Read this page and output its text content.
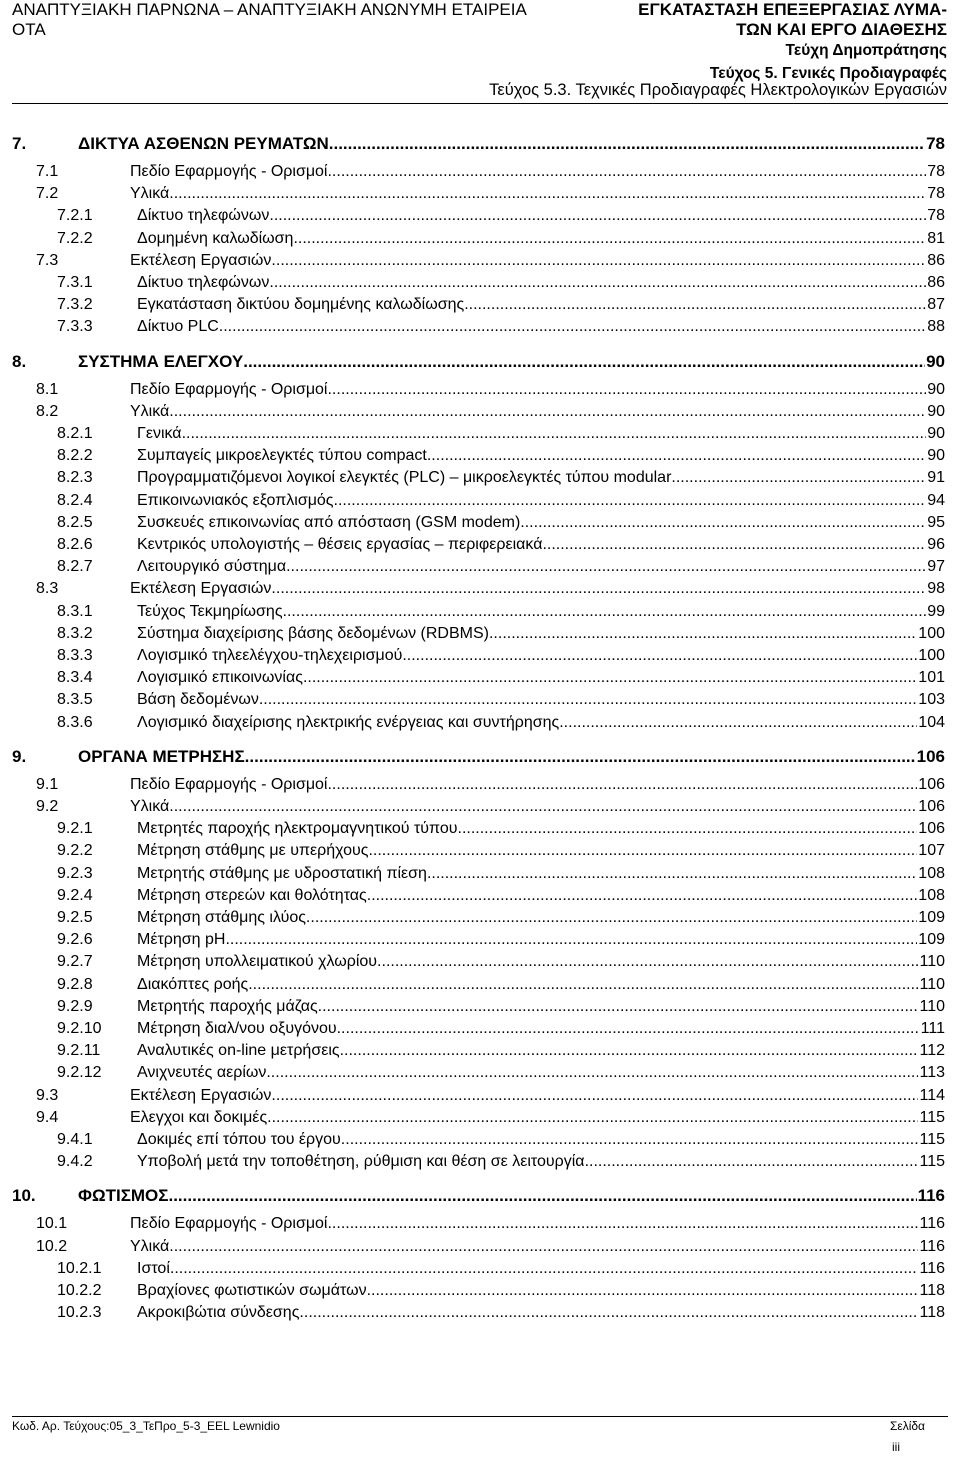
ΑΝΑΠΤΥΞΙΑΚΗ ΠΑΡΝΩΝΑ – ΑΝΑΠΤΥΞΙΑΚΗ ΑΝΩΝΥΜΗ ΕΤΑΙΡΕΙΑ
ΟΤΑ
ΕΓΚΑΤΑΣΤΑΣΗ ΕΠΕΞΕΡΓΑΣΙΑΣ ΛΥΜΑ-
ΤΩΝ ΚΑΙ ΕΡΓΟ ΔΙΑΘΕΣΗΣ
Τεύχη Δημοπράτησης
Τεύχος 5. Γενικές Προδιαγραφές
Τεύχος 5.3. Τεχνικές Προδιαγραφές Ηλεκτρολογικών Εργασιών
7.	ΔΙΚΤΥΑ ΑΣΘΕΝΩΝ ΡΕΥΜΑΤΩΝ .....	78
7.1	Πεδίο Εφαρμογής - Ορισμοί .....	78
7.2	Υλικά .....	78
7.2.1	Δίκτυο τηλεφώνων .....	78
7.2.2	Δομημένη καλωδίωση .....	81
7.3	Εκτέλεση Εργασιών .....	86
7.3.1	Δίκτυο τηλεφώνων .....	86
7.3.2	Εγκατάσταση δικτύου δομημένης καλωδίωσης .....	87
7.3.3	Δίκτυο PLC .....	88
8.	ΣΥΣΤΗΜΑ ΕΛΕΓΧΟΥ .....	90
8.1	Πεδίο Εφαρμογής - Ορισμοί .....	90
8.2	Υλικά .....	90
8.2.1	Γενικά .....	90
8.2.2	Συμπαγείς μικροελεγκτές τύπου compact .....	90
8.2.3	Προγραμματιζόμενοι λογικοί ελεγκτές (PLC) – μικροελεγκτές τύπου modular .....	91
8.2.4	Επικοινωνιακός εξοπλισμός .....	94
8.2.5	Συσκευές επικοινωνίας από απόσταση (GSM modem) .....	95
8.2.6	Κεντρικός υπολογιστής – θέσεις εργασίας – περιφερειακά .....	96
8.2.7	Λειτουργικό σύστημα .....	97
8.3	Εκτέλεση Εργασιών .....	98
8.3.1	Τεύχος Τεκμηρίωσης .....	99
8.3.2	Σύστημα διαχείρισης βάσης δεδομένων (RDBMS) .....	100
8.3.3	Λογισμικό τηλεελέγχου-τηλεχειρισμού .....	100
8.3.4	Λογισμικό επικοινωνίας .....	101
8.3.5	Βάση δεδομένων .....	103
8.3.6	Λογισμικό διαχείρισης ηλεκτρικής ενέργειας και συντήρησης .....	104
9.	ΟΡΓΑΝΑ ΜΕΤΡΗΣΗΣ .....	106
9.1	Πεδίο Εφαρμογής - Ορισμοί .....	106
9.2	Υλικά .....	106
9.2.1	Μετρητές παροχής ηλεκτρομαγνητικού τύπου .....	106
9.2.2	Μέτρηση στάθμης με υπερήχους .....	107
9.2.3	Μετρητής στάθμης με υδροστατική πίεση .....	108
9.2.4	Μέτρηση στερεών και θολότητας .....	108
9.2.5	Μέτρηση στάθμης ιλύος .....	109
9.2.6	Μέτρηση pH .....	109
9.2.7	Μέτρηση υπολλειματικού χλωρίου .....	110
9.2.8	Διακόπτες ροής .....	110
9.2.9	Μετρητής παροχής μάζας .....	110
9.2.10	Μέτρηση διαλ/νου οξυγόνου .....	111
9.2.11	Αναλυτικές on-line μετρήσεις .....	112
9.2.12	Ανιχνευτές αερίων .....	113
9.3	Εκτέλεση Εργασιών .....	114
9.4	Ελεγχοι και δοκιμές .....	115
9.4.1	Δοκιμές επί τόπου του έργου .....	115
9.4.2	Υποβολή μετά την τοποθέτηση, ρύθμιση και θέση σε λειτουργία .....	115
10.	ΦΩΤΙΣΜΟΣ .....	116
10.1	Πεδίο Εφαρμογής - Ορισμοί .....	116
10.2	Υλικά .....	116
10.2.1	Ιστοί .....	116
10.2.2	Βραχίονες φωτιστικών σωμάτων .....	118
10.2.3	Ακροκιβώτια σύνδεσης .....	118
Κωδ. Αρ. Τεύχους:05_3_ΤεΠρο_5-3_EEL Lewnidio	Σελίδα
iii
